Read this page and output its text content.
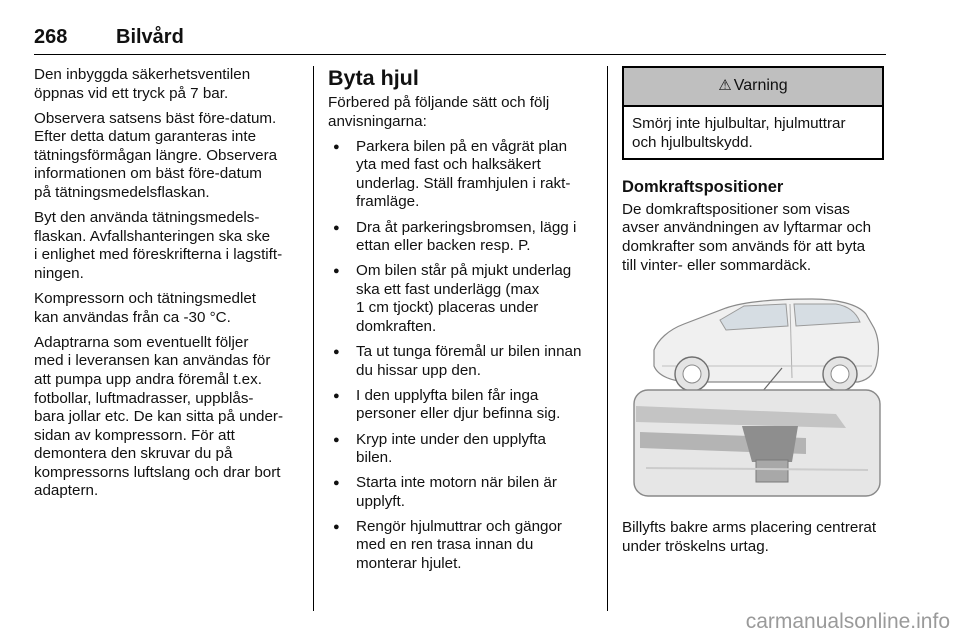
268 Bilvård

Den inbyggda säkerhetsventilen
öppnas vid ett tryck på 7 bar.

Observera satsens bäst före-datum.
Efter detta datum garanteras inte
tätningsförmågan längre. Observera
informationen om bäst före-datum
på tätningsmedelsflaskan.

Byt den använda tätningsmedels-
flaskan. Avfallshanteringen ska ske
i enlighet med föreskrifterna i lagstift-
ningen.

Kompressorn och tätningsmedlet
kan användas från ca -30 °C.

Adaptrarna som eventuellt följer
med i leveransen kan användas för
att pumpa upp andra föremål t.ex.
fotbollar, luftmadrasser, uppblås-
bara jollar etc. De kan sitta på under-
sidan av kompressorn. För att
demontera den skruvar du på
kompressorns luftslang och drar bort
adaptern.

Byta hjul

Förbered på följande sätt och följ
anvisningarna:

● Parkera bilen på en vågrät plan
yta med fast och halksäkert
underlag. Ställ framhjulen i rakt-
framläge.
● Dra åt parkeringsbromsen, lägg i
ettan eller backen resp. P.
● Om bilen står på mjukt underlag
ska ett fast underlägg (max
1 cm tjockt) placeras under
domkraften.
● Ta ut tunga föremål ur bilen innan
du hissar upp den.
● I den upplyfta bilen får inga
personer eller djur befinna sig.
● Kryp inte under den upplyfta
bilen.
● Starta inte motorn när bilen är
upplyft.
● Rengör hjulmuttrar och gängor
med en ren trasa innan du
monterar hjulet.
⚠ Varning
Smörj inte hjulbultar, hjulmuttrar
och hjulbultskydd.
Domkraftspositioner

De domkraftspositioner som visas
avser användningen av lyftarmar och
domkrafter som används för att byta
till vinter- eller sommardäck.

Billyfts bakre arms placering centrerat
under tröskelns urtag.

carmanualsonline.info
